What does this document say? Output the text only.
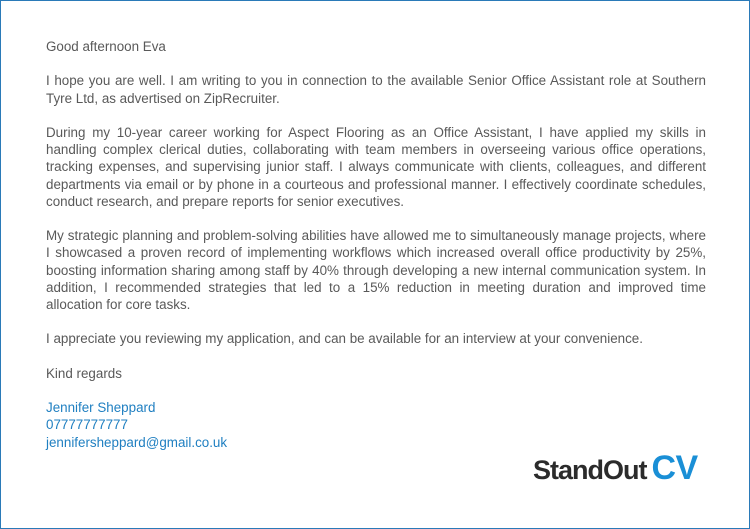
Good afternoon Eva

I hope you are well. I am writing to you in connection to the available Senior Office Assistant role at Southern Tyre Ltd, as advertised on ZipRecruiter.

During my 10-year career working for Aspect Flooring as an Office Assistant, I have applied my skills in handling complex clerical duties, collaborating with team members in overseeing various office operations, tracking expenses, and supervising junior staff. I always communicate with clients, colleagues, and different departments via email or by phone in a courteous and professional manner. I effectively coordinate schedules, conduct research, and prepare reports for senior executives.

My strategic planning and problem-solving abilities have allowed me to simultaneously manage projects, where I showcased a proven record of implementing workflows which increased overall office productivity by 25%, boosting information sharing among staff by 40% through developing a new internal communication system. In addition, I recommended strategies that led to a 15% reduction in meeting duration and improved time allocation for core tasks.

I appreciate you reviewing my application, and can be available for an interview at your convenience.

Kind regards

Jennifer Sheppard
07777777777
jennifersheppard@gmail.co.uk
StandOut CV
